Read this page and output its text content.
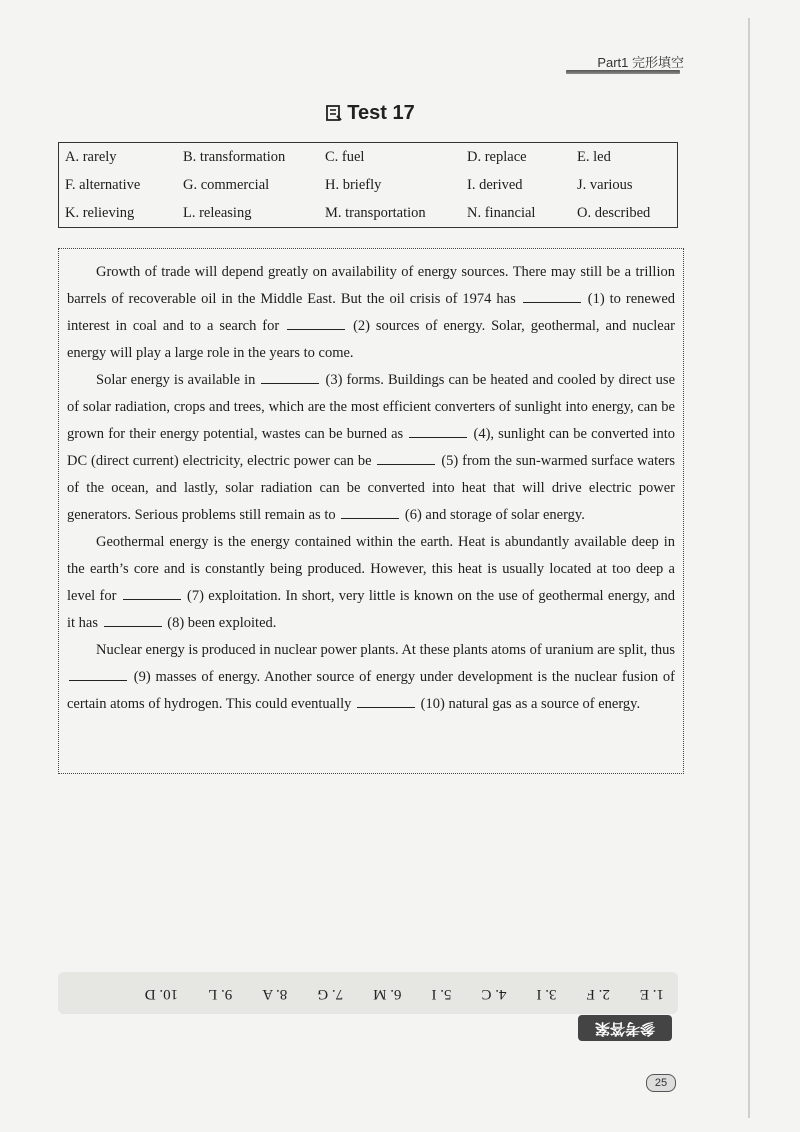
Part1 完形填空
Test 17
A. rarely	B. transformation	C. fuel	D. replace	E. led
F. alternative	G. commercial	H. briefly	I. derived	J. various
K. relieving	L. releasing	M. transportation	N. financial	O. described

Growth of trade will depend greatly on availability of energy sources. There may still be a trillion barrels of recoverable oil in the Middle East. But the oil crisis of 1974 has	(1) to renewed interest in coal and to a search for	(2) sources of energy. Solar, geothermal, and nuclear energy will play a large role in the years to come.

Solar energy is available in	(3) forms. Buildings can be heated and cooled by direct use of solar radiation, crops and trees, which are the most efficient converters of sunlight into energy, can be grown for their energy potential, wastes can be burned as	(4), sunlight can be converted into DC (direct current) electricity, electric power can be	(5) from the sun-warmed surface waters of the ocean, and lastly, solar radiation can be converted into heat that will drive electric power generators. Serious problems still remain as to	(6) and storage of solar energy.

Geothermal energy is the energy contained within the earth. Heat is abundantly available deep in the earth’s core and is constantly being produced. However, this heat is usually located at too deep a level for	(7) exploitation. In short, very little is known on the use of geothermal energy, and it has	(8) been exploited.

Nuclear energy is produced in nuclear power plants. At these plants atoms of uranium are split, thus  (9) masses of energy. Another source of energy under development is the nuclear fusion of certain atoms of hydrogen. This could eventually	(10) natural gas as a source of energy.

1. E
2. F
3. I
4. C
5. I
6. M
7. G
8. A
9. L
10. D
参考答案
25
